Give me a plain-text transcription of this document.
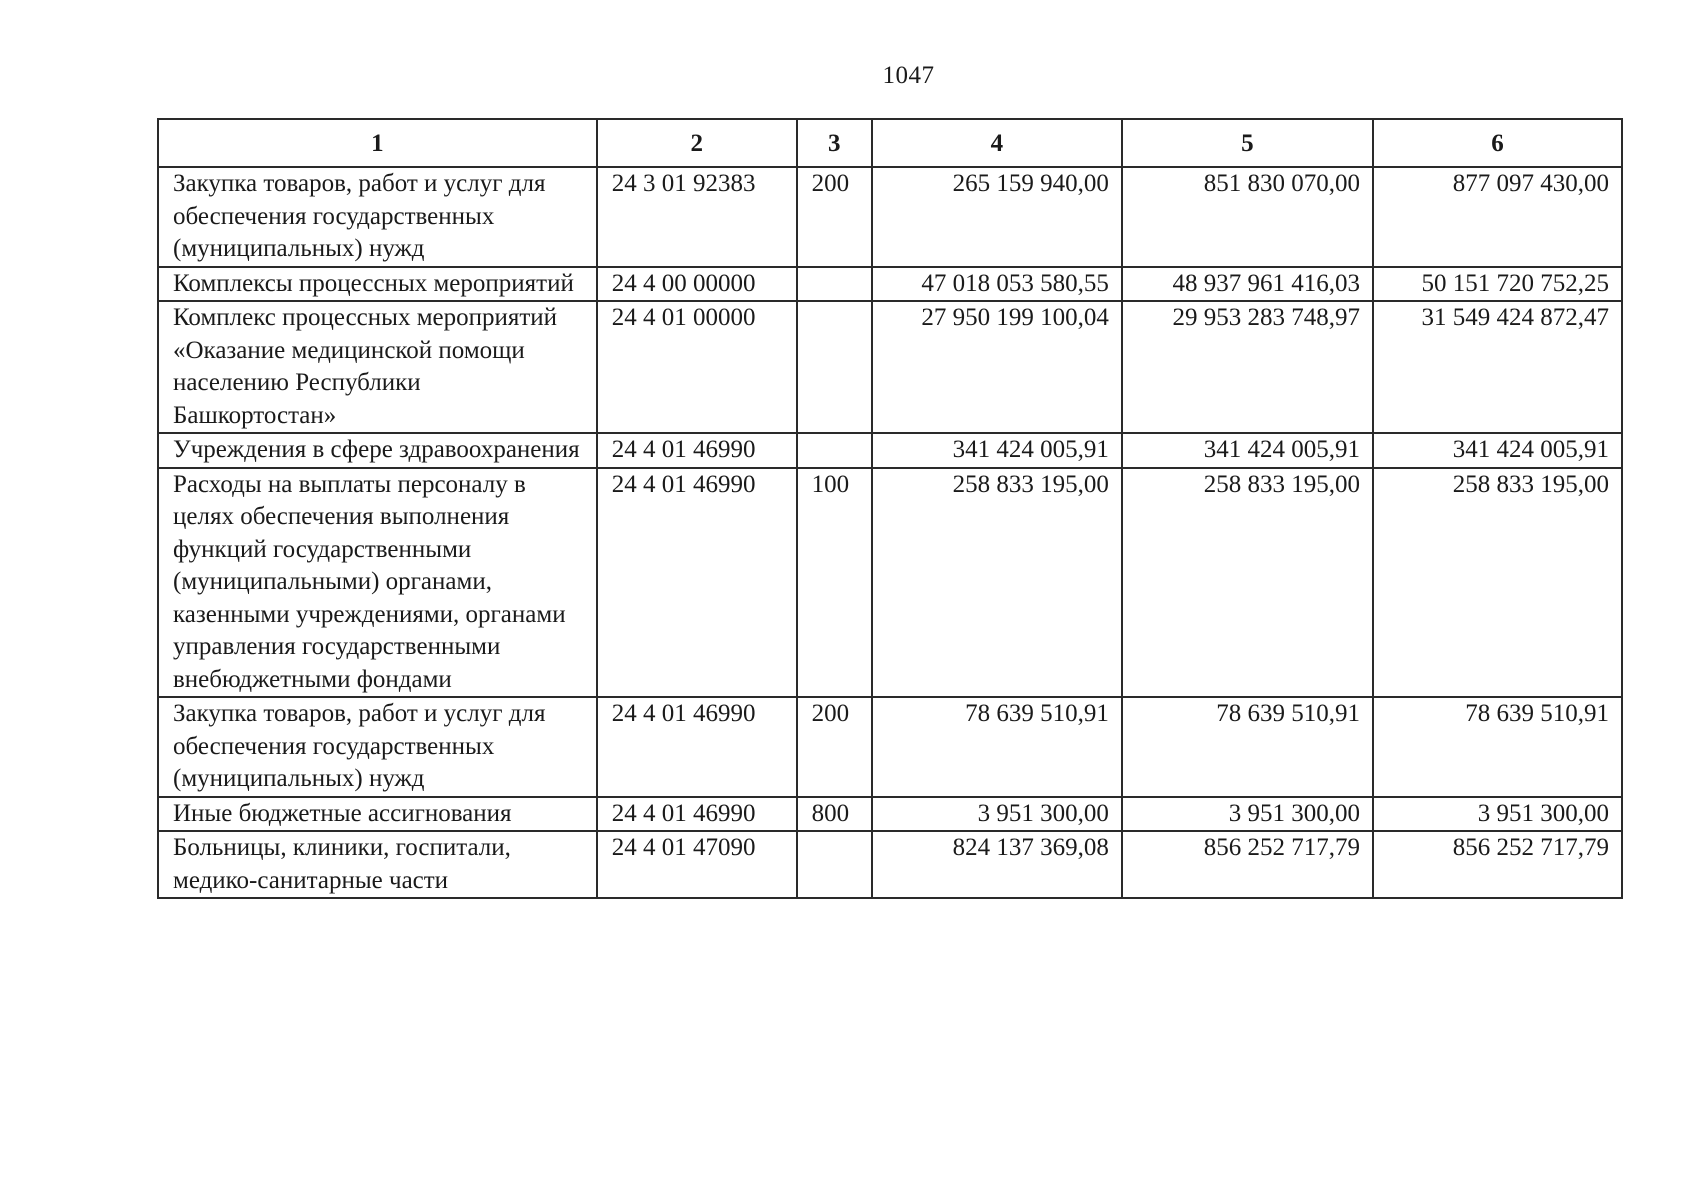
1047
1	2	3	4	5	6
Закупка товаров, работ и услуг для обеспечения государственных (муниципальных) нужд	24 3 01 92383	200	265 159 940,00	851 830 070,00	877 097 430,00
Комплексы процессных мероприятий	24 4 00 00000		47 018 053 580,55	48 937 961 416,03	50 151 720 752,25
Комплекс процессных мероприятий «Оказание медицинской помощи населению Республики Башкортостан»	24 4 01 00000		27 950 199 100,04	29 953 283 748,97	31 549 424 872,47
Учреждения в сфере здравоохранения	24 4 01 46990		341 424 005,91	341 424 005,91	341 424 005,91
Расходы на выплаты персоналу в целях обеспечения выполнения функций государственными (муниципальными) органами, казенными учреждениями, органами управления государственными внебюджетными фондами	24 4 01 46990	100	258 833 195,00	258 833 195,00	258 833 195,00
Закупка товаров, работ и услуг для обеспечения государственных (муниципальных) нужд	24 4 01 46990	200	78 639 510,91	78 639 510,91	78 639 510,91
Иные бюджетные ассигнования	24 4 01 46990	800	3 951 300,00	3 951 300,00	3 951 300,00
Больницы, клиники, госпитали, медико-санитарные части	24 4 01 47090		824 137 369,08	856 252 717,79	856 252 717,79
